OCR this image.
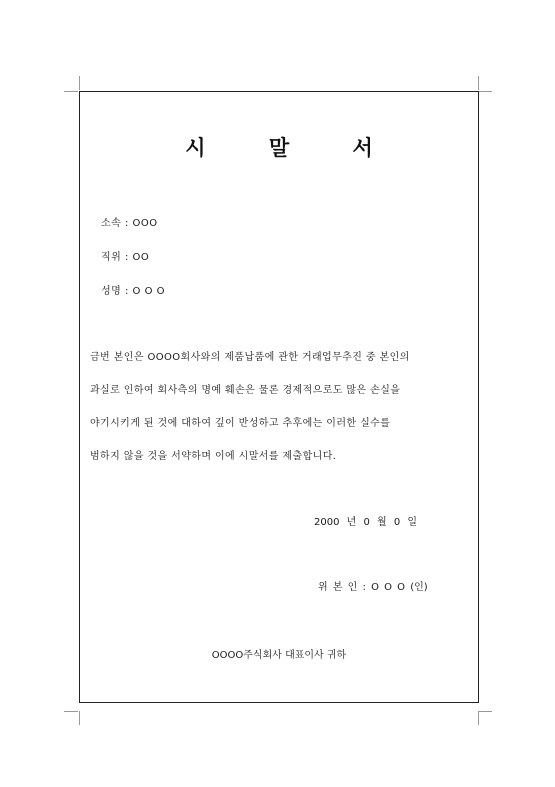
시 말 서
소속 : OOO
직위 : OO
성명 : O O O
금번 본인은 OOOO회사와의 제품납품에 관한 거래업무추진 중 본인의
과실로 인하여 회사측의 명예 훼손은 물론 경제적으로도 많은 손실을
야기시키게 된 것에 대하여 깊이 반성하고 추후에는 이러한 실수를
범하지 않을 것을 서약하며 이에 시말서를 제출합니다.
2000 년 0 월 0 일
위 본 인 : O O O (인)
OOOO주식회사 대표이사 귀하
